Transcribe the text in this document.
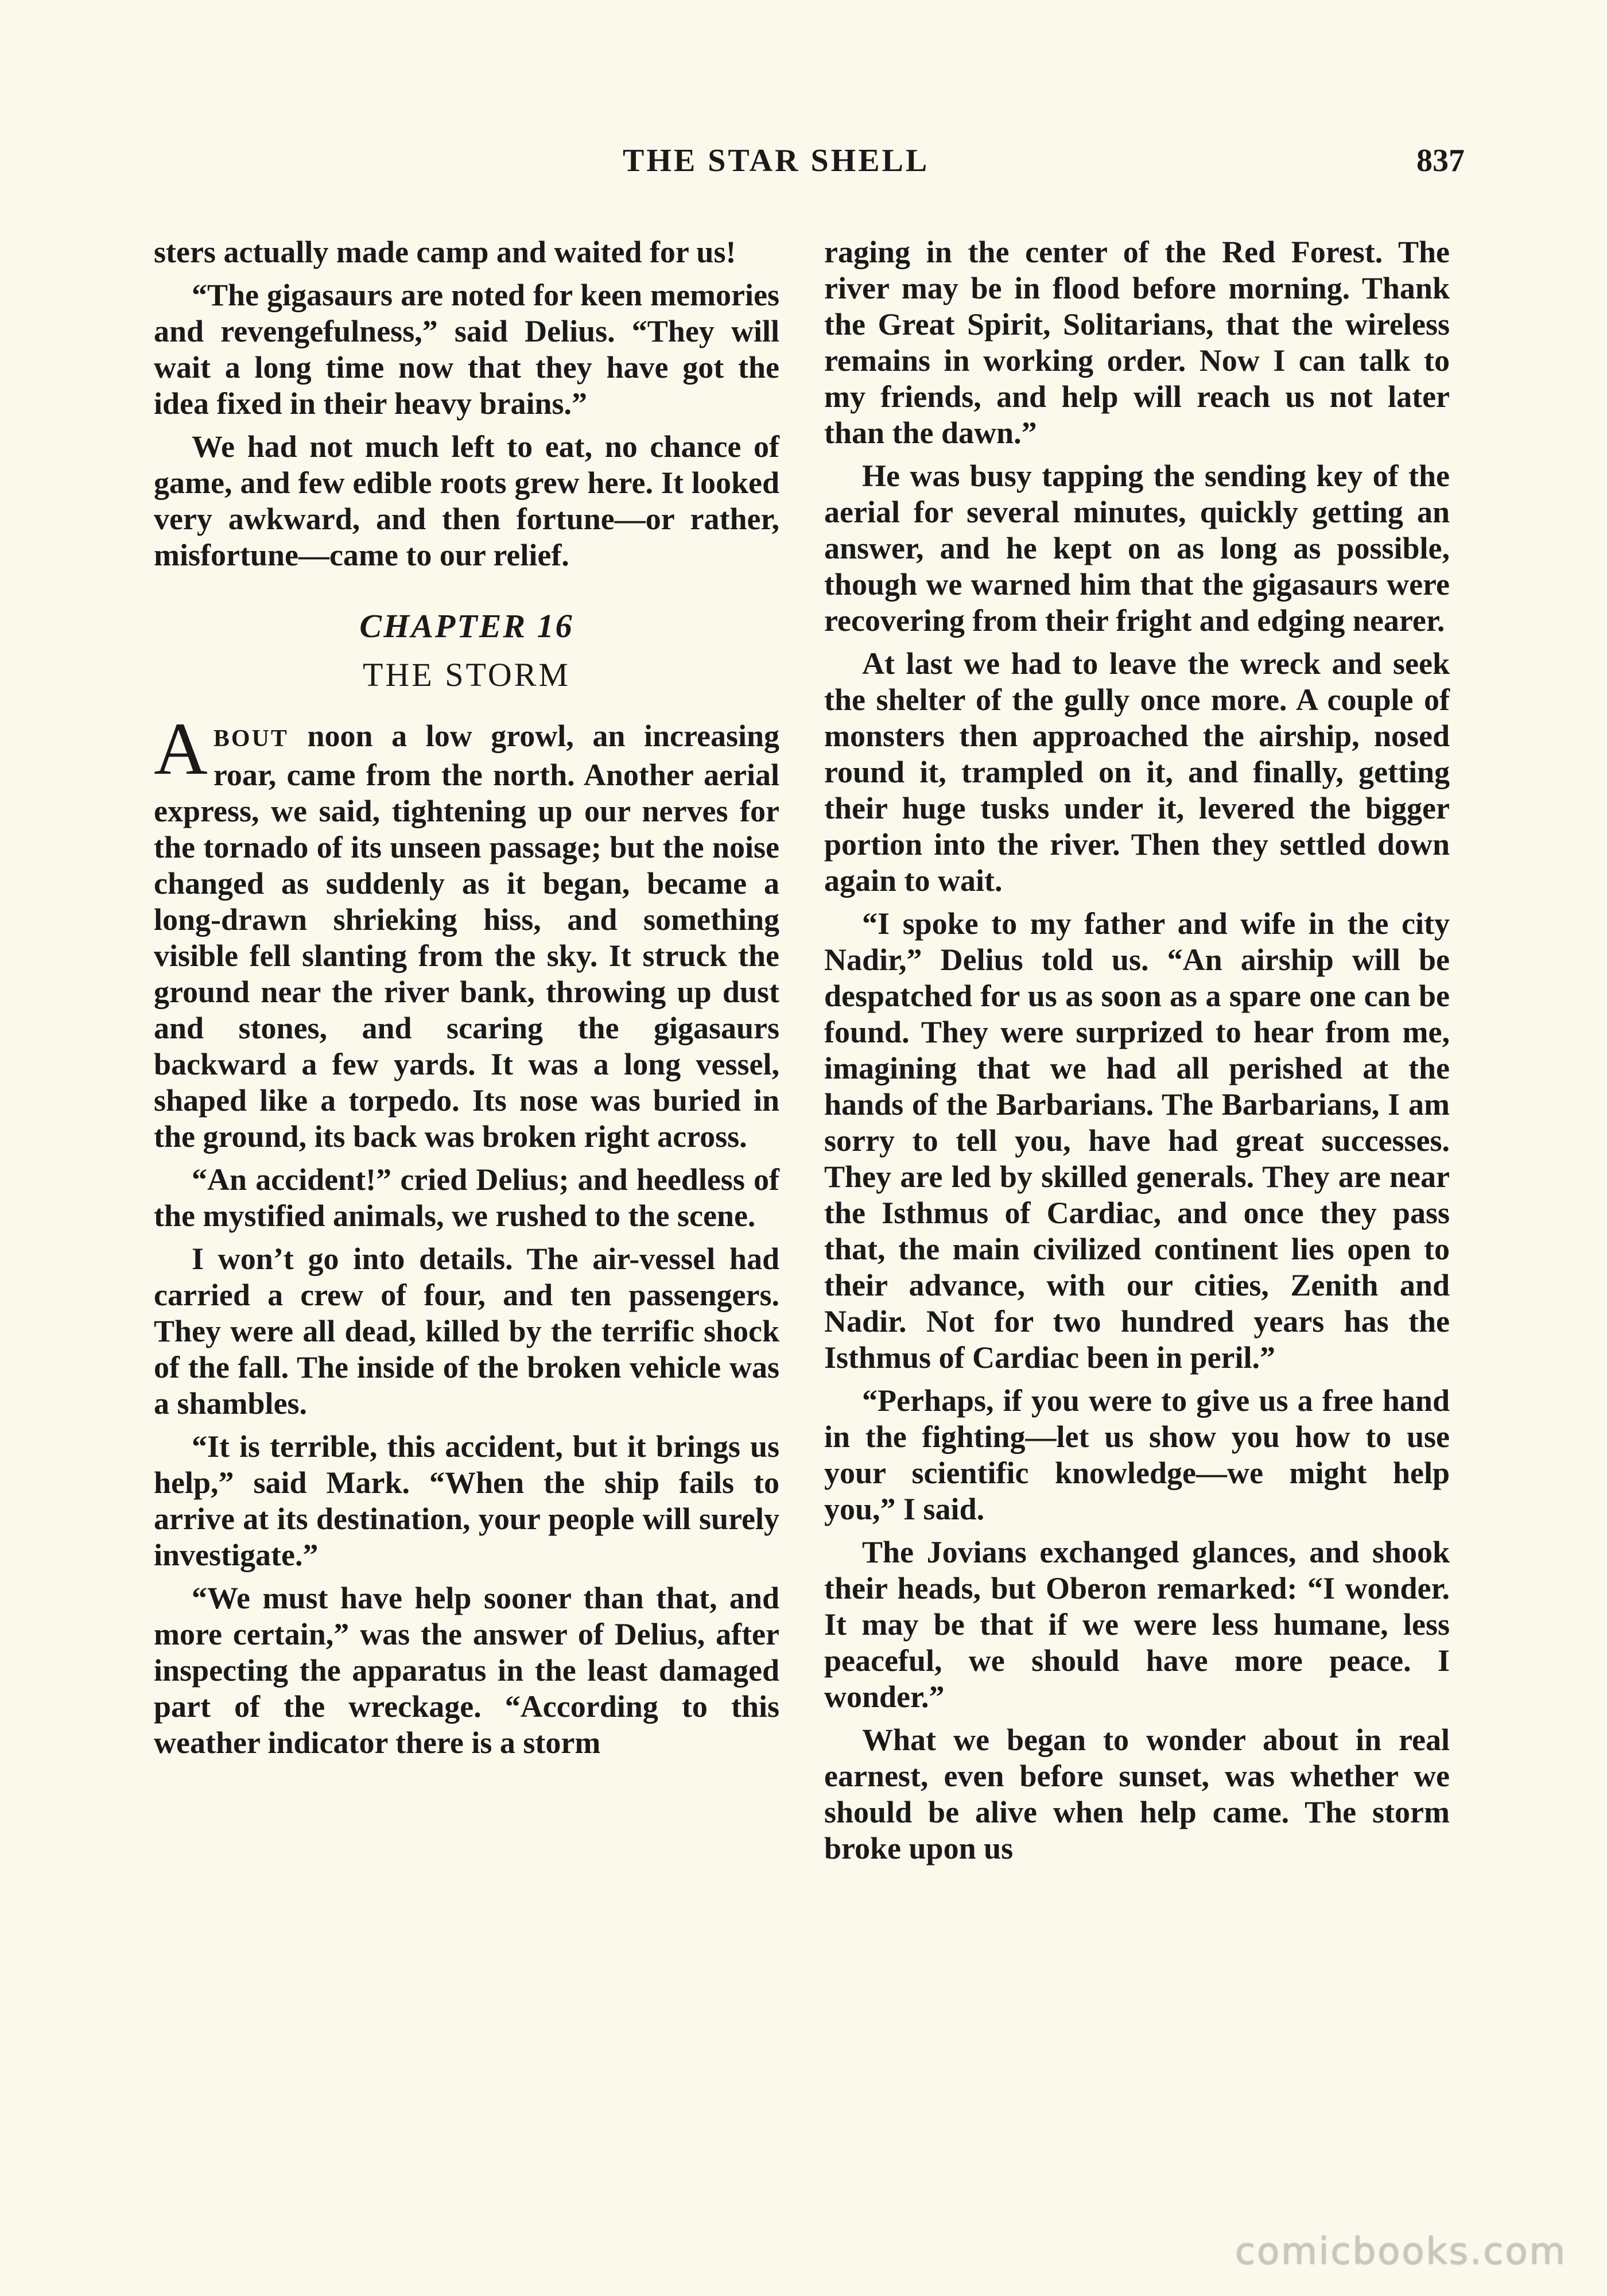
THE STAR SHELL	837

sters actually made camp and waited for us!

“The gigasaurs are noted for keen memories and revengefulness,” said Delius. “They will wait a long time now that they have got the idea fixed in their heavy brains.”

We had not much left to eat, no chance of game, and few edible roots grew here. It looked very awkward, and then fortune—or rather, misfortune—came to our relief.

CHAPTER 16
THE STORM

ABOUT noon a low growl, an increasing roar, came from the north. Another aerial express, we said, tightening up our nerves for the tornado of its unseen passage; but the noise changed as suddenly as it began, became a long-drawn shrieking hiss, and something visible fell slanting from the sky. It struck the ground near the river bank, throwing up dust and stones, and scaring the gigasaurs backward a few yards. It was a long vessel, shaped like a torpedo. Its nose was buried in the ground, its back was broken right across.

“An accident!” cried Delius; and heedless of the mystified animals, we rushed to the scene.

I won’t go into details. The air-vessel had carried a crew of four, and ten passengers. They were all dead, killed by the terrific shock of the fall. The inside of the broken vehicle was a shambles.

“It is terrible, this accident, but it brings us help,” said Mark. “When the ship fails to arrive at its destination, your people will surely investigate.”

“We must have help sooner than that, and more certain,” was the answer of Delius, after inspecting the apparatus in the least damaged part of the wreckage. “According to this weather indicator there is a storm

raging in the center of the Red Forest. The river may be in flood before morning. Thank the Great Spirit, Solitarians, that the wireless remains in working order. Now I can talk to my friends, and help will reach us not later than the dawn.”

He was busy tapping the sending key of the aerial for several minutes, quickly getting an answer, and he kept on as long as possible, though we warned him that the gigasaurs were recovering from their fright and edging nearer.

At last we had to leave the wreck and seek the shelter of the gully once more. A couple of monsters then approached the airship, nosed round it, trampled on it, and finally, getting their huge tusks under it, levered the bigger portion into the river. Then they settled down again to wait.

“I spoke to my father and wife in the city Nadir,” Delius told us. “An airship will be despatched for us as soon as a spare one can be found. They were surprized to hear from me, imagining that we had all perished at the hands of the Barbarians. The Barbarians, I am sorry to tell you, have had great successes. They are led by skilled generals. They are near the Isthmus of Cardiac, and once they pass that, the main civilized continent lies open to their advance, with our cities, Zenith and Nadir. Not for two hundred years has the Isthmus of Cardiac been in peril.”

“Perhaps, if you were to give us a free hand in the fighting—let us show you how to use your scientific knowledge—we might help you,” I said.

The Jovians exchanged glances, and shook their heads, but Oberon remarked: “I wonder. It may be that if we were less humane, less peaceful, we should have more peace. I wonder.”

What we began to wonder about in real earnest, even before sunset, was whether we should be alive when help came. The storm broke upon us

comicbooks.com
